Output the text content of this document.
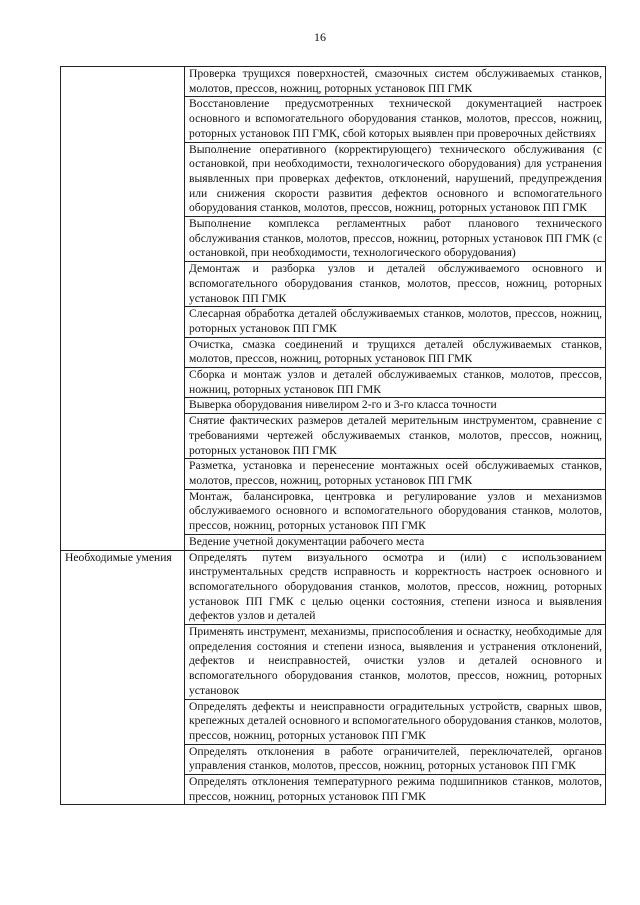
16
	Проверка трущихся поверхностей, смазочных систем обслуживаемых станков, молотов, прессов, ножниц, роторных установок ПП ГМК
	Восстановление предусмотренных технической документацией настроек основного и вспомогательного оборудования станков, молотов, прессов, ножниц, роторных установок ПП ГМК, сбой которых выявлен при проверочных действиях
	Выполнение оперативного (корректирующего) технического обслуживания (с остановкой, при необходимости, технологического оборудования) для устранения выявленных при проверках дефектов, отклонений, нарушений, предупреждения или снижения скорости развития дефектов основного и вспомогательного оборудования станков, молотов, прессов, ножниц, роторных установок ПП ГМК
	Выполнение комплекса регламентных работ планового технического обслуживания станков, молотов, прессов, ножниц, роторных установок ПП ГМК (с остановкой, при необходимости, технологического оборудования)
	Демонтаж и разборка узлов и деталей обслуживаемого основного и вспомогательного оборудования станков, молотов, прессов, ножниц, роторных установок ПП ГМК
	Слесарная обработка деталей обслуживаемых станков, молотов, прессов, ножниц, роторных установок ПП ГМК
	Очистка, смазка соединений и трущихся деталей обслуживаемых станков, молотов, прессов, ножниц, роторных установок ПП ГМК
	Сборка и монтаж узлов и деталей обслуживаемых станков, молотов, прессов, ножниц, роторных установок ПП ГМК
	Выверка оборудования нивелиром 2-го и 3-го класса точности
	Снятие фактических размеров деталей мерительным инструментом, сравнение с требованиями чертежей обслуживаемых станков, молотов, прессов, ножниц, роторных установок ПП ГМК
	Разметка, установка и перенесение монтажных осей обслуживаемых станков, молотов, прессов, ножниц, роторных установок ПП ГМК
	Монтаж, балансировка, центровка и регулирование узлов и механизмов обслуживаемого основного и вспомогательного оборудования станков, молотов, прессов, ножниц, роторных установок ПП ГМК
	Ведение учетной документации рабочего места
Необходимые умения	Определять путем визуального осмотра и (или) с использованием инструментальных средств исправность и корректность настроек основного и вспомогательного оборудования станков, молотов, прессов, ножниц, роторных установок ПП ГМК с целью оценки состояния, степени износа и выявления дефектов узлов и деталей
	Применять инструмент, механизмы, приспособления и оснастку, необходимые для определения состояния и степени износа, выявления и устранения отклонений, дефектов и неисправностей, очистки узлов и деталей основного и вспомогательного оборудования станков, молотов, прессов, ножниц, роторных установок
	Определять дефекты и неисправности оградительных устройств, сварных швов, крепежных деталей основного и вспомогательного оборудования станков, молотов, прессов, ножниц, роторных установок ПП ГМК
	Определять отклонения в работе ограничителей, переключателей, органов управления станков, молотов, прессов, ножниц, роторных установок ПП ГМК
	Определять отклонения температурного режима подшипников станков, молотов, прессов, ножниц, роторных установок ПП ГМК
